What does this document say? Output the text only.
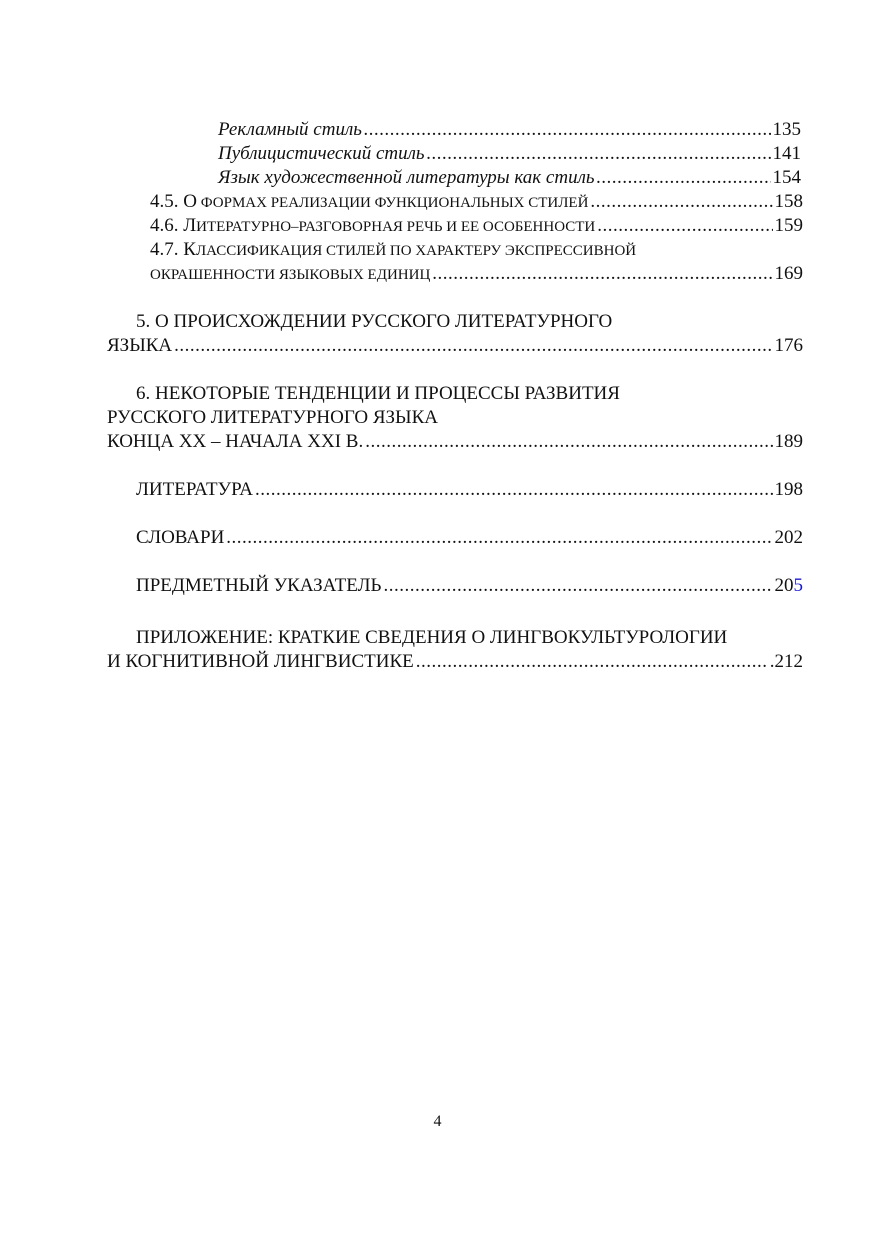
Рекламный стиль .....	135
Публицистический стиль .....	141
Язык художественной литературы как стиль .....	154
4.5. О ФОРМАХ РЕАЛИЗАЦИИ ФУНКЦИОНАЛЬНЫХ СТИЛЕЙ .....	158
4.6. ЛИТЕРАТУРНО–РАЗГОВОРНАЯ РЕЧЬ И ЕЕ ОСОБЕННОСТИ .....	159
4.7. КЛАССИФИКАЦИЯ СТИЛЕЙ ПО ХАРАКТЕРУ ЭКСПРЕССИВНОЙ
ОКРАШЕННОСТИ ЯЗЫКОВЫХ ЕДИНИЦ .....	169
5. О ПРОИСХОЖДЕНИИ РУССКОГО ЛИТЕРАТУРНОГО
ЯЗЫКА .....	176
6. НЕКОТОРЫЕ ТЕНДЕНЦИИ И ПРОЦЕССЫ РАЗВИТИЯ
РУССКОГО ЛИТЕРАТУРНОГО ЯЗЫКА
КОНЦА ХХ – НАЧАЛА XXI В. .....	189
ЛИТЕРАТУРА .....	198
СЛОВАРИ .....	202
ПРЕДМЕТНЫЙ УКАЗАТЕЛЬ .....	205
ПРИЛОЖЕНИЕ: КРАТКИЕ СВЕДЕНИЯ О ЛИНГВОКУЛЬТУРОЛОГИИ
И КОГНИТИВНОЙ ЛИНГВИСТИКЕ .....	.212
4
